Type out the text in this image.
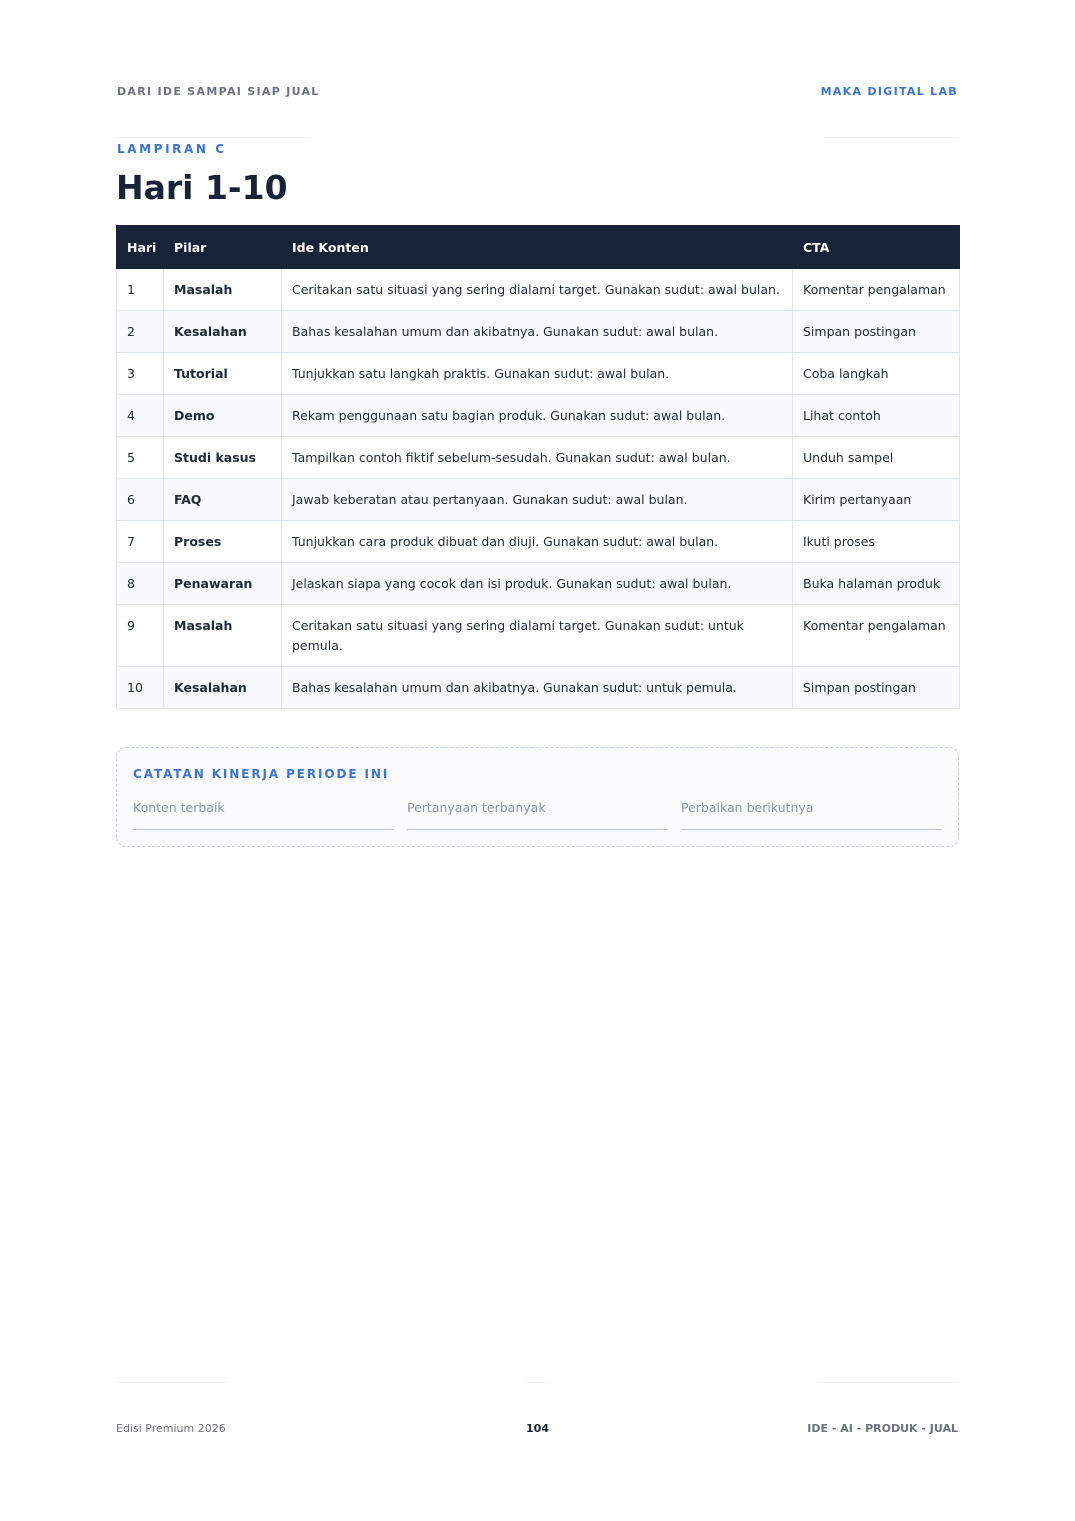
DARI IDE SAMPAI SIAP JUAL	MAKA DIGITAL LAB
LAMPIRAN C
Hari 1-10
Hari	Pilar	Ide Konten	CTA
1	Masalah	Ceritakan satu situasi yang sering dialami target. Gunakan sudut: awal bulan.	Komentar pengalaman
2	Kesalahan	Bahas kesalahan umum dan akibatnya. Gunakan sudut: awal bulan.	Simpan postingan
3	Tutorial	Tunjukkan satu langkah praktis. Gunakan sudut: awal bulan.	Coba langkah
4	Demo	Rekam penggunaan satu bagian produk. Gunakan sudut: awal bulan.	Lihat contoh
5	Studi kasus	Tampilkan contoh fiktif sebelum-sesudah. Gunakan sudut: awal bulan.	Unduh sampel
6	FAQ	Jawab keberatan atau pertanyaan. Gunakan sudut: awal bulan.	Kirim pertanyaan
7	Proses	Tunjukkan cara produk dibuat dan diuji. Gunakan sudut: awal bulan.	Ikuti proses
8	Penawaran	Jelaskan siapa yang cocok dan isi produk. Gunakan sudut: awal bulan.	Buka halaman produk
9	Masalah	Ceritakan satu situasi yang sering dialami target. Gunakan sudut: untuk pemula.	Komentar pengalaman
10	Kesalahan	Bahas kesalahan umum dan akibatnya. Gunakan sudut: untuk pemula.	Simpan postingan
CATATAN KINERJA PERIODE INI
Konten terbaik	Pertanyaan terbanyak	Perbaikan berikutnya
Edisi Premium 2026	104	IDE - AI - PRODUK - JUAL
